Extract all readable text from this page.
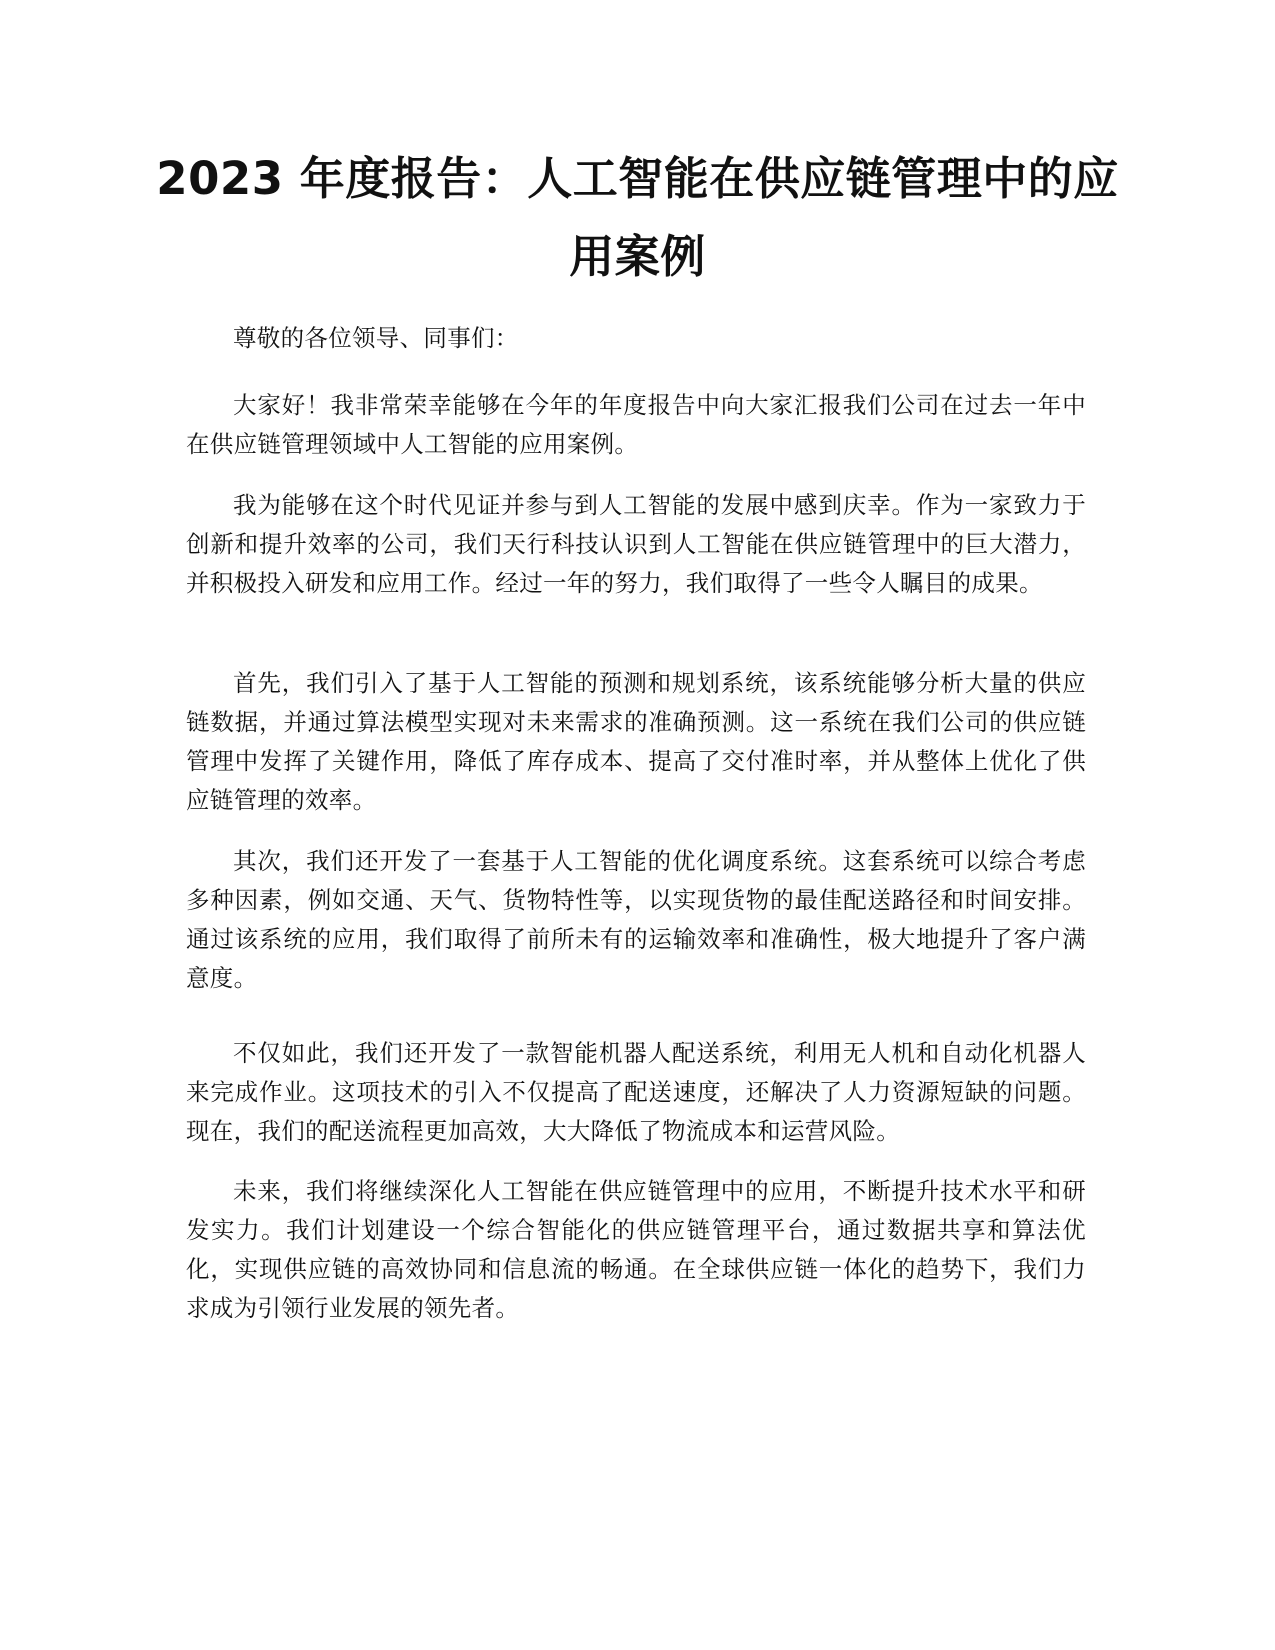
2023 年度报告：人工智能在供应链管理中的应用案例

尊敬的各位领导、同事们：

大家好！我非常荣幸能够在今年的年度报告中向大家汇报我们公司在过去一年中在供应链管理领域中人工智能的应用案例。

我为能够在这个时代见证并参与到人工智能的发展中感到庆幸。作为一家致力于创新和提升效率的公司，我们天行科技认识到人工智能在供应链管理中的巨大潜力，并积极投入研发和应用工作。经过一年的努力，我们取得了一些令人瞩目的成果。

首先，我们引入了基于人工智能的预测和规划系统，该系统能够分析大量的供应链数据，并通过算法模型实现对未来需求的准确预测。这一系统在我们公司的供应链管理中发挥了关键作用，降低了库存成本、提高了交付准时率，并从整体上优化了供应链管理的效率。

其次，我们还开发了一套基于人工智能的优化调度系统。这套系统可以综合考虑多种因素，例如交通、天气、货物特性等，以实现货物的最佳配送路径和时间安排。通过该系统的应用，我们取得了前所未有的运输效率和准确性，极大地提升了客户满意度。

不仅如此，我们还开发了一款智能机器人配送系统，利用无人机和自动化机器人来完成作业。这项技术的引入不仅提高了配送速度，还解决了人力资源短缺的问题。现在，我们的配送流程更加高效，大大降低了物流成本和运营风险。

未来，我们将继续深化人工智能在供应链管理中的应用，不断提升技术水平和研发实力。我们计划建设一个综合智能化的供应链管理平台，通过数据共享和算法优化，实现供应链的高效协同和信息流的畅通。在全球供应链一体化的趋势下，我们力求成为引领行业发展的领先者。
